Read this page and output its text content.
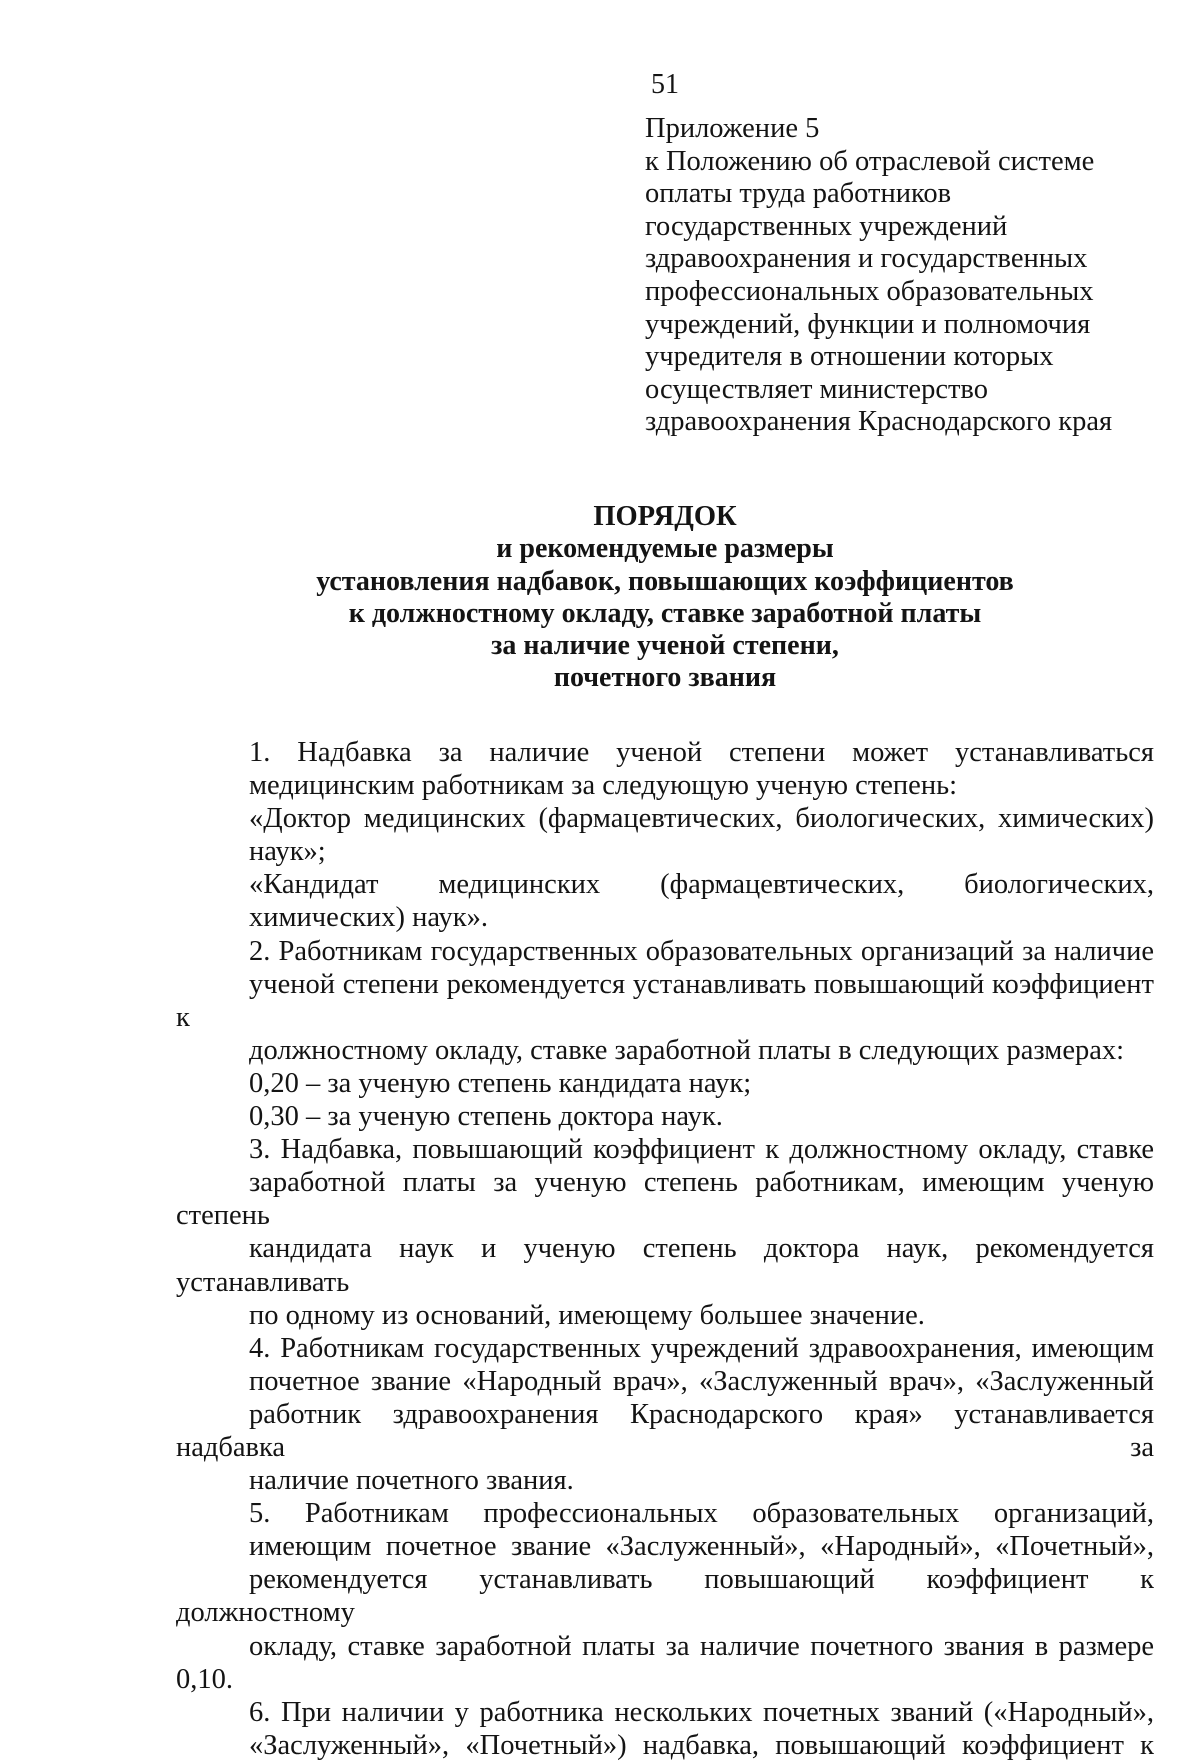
51
Приложение 5
к Положению об отраслевой системе
оплаты труда работников
государственных учреждений
здравоохранения и государственных
профессиональных образовательных
учреждений, функции и полномочия
учредителя в отношении которых
осуществляет министерство
здравоохранения Краснодарского края
ПОРЯДОК
и рекомендуемые размеры
установления надбавок, повышающих коэффициентов
к должностному окладу, ставке заработной платы
за наличие ученой степени,
почетного звания

1. Надбавка за наличие ученой степени может устанавливаться
медицинским работникам за следующую ученую степень:

«Доктор медицинских (фармацевтических, биологических, химических)
наук»;

«Кандидат медицинских (фармацевтических, биологических,
химических) наук».

2. Работникам государственных образовательных организаций за наличие
ученой степени рекомендуется устанавливать повышающий коэффициент к
должностному окладу, ставке заработной платы в следующих размерах:

0,20 – за ученую степень кандидата наук;

0,30 – за ученую степень доктора наук.

3. Надбавка, повышающий коэффициент к должностному окладу, ставке
заработной платы за ученую степень работникам, имеющим ученую степень
кандидата наук и ученую степень доктора наук, рекомендуется устанавливать
по одному из оснований, имеющему большее значение.

4. Работникам государственных учреждений здравоохранения, имеющим
почетное звание «Народный врач», «Заслуженный врач», «Заслуженный
работник здравоохранения Краснодарского края» устанавливается надбавка за
наличие почетного звания.

5. Работникам профессиональных образовательных организаций,
имеющим почетное звание «Заслуженный», «Народный», «Почетный»,
рекомендуется устанавливать повышающий коэффициент к должностному
окладу, ставке заработной платы за наличие почетного звания в размере 0,10.

6. При наличии у работника нескольких почетных званий («Народный»,
«Заслуженный», «Почетный») надбавка, повышающий коэффициент к
